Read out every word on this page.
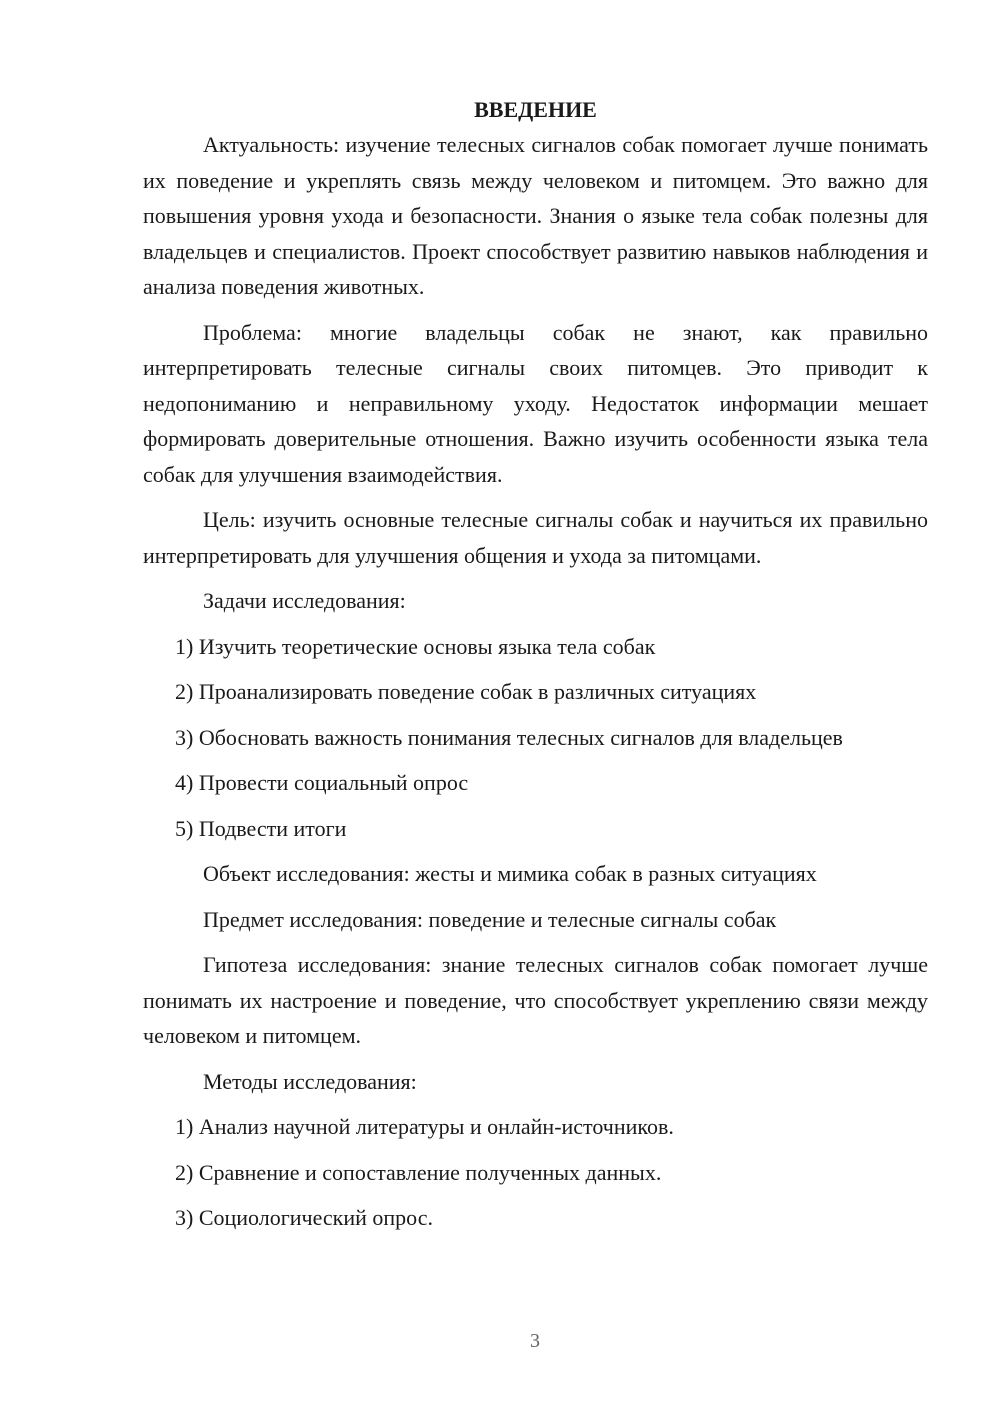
ВВЕДЕНИЕ

Актуальность: изучение телесных сигналов собак помогает лучше понимать их поведение и укреплять связь между человеком и питомцем. Это важно для повышения уровня ухода и безопасности. Знания о языке тела собак полезны для владельцев и специалистов. Проект способствует развитию навыков наблюдения и анализа поведения животных.

Проблема: многие владельцы собак не знают, как правильно интерпретировать телесные сигналы своих питомцев. Это приводит к недопониманию и неправильному уходу. Недостаток информации мешает формировать доверительные отношения. Важно изучить особенности языка тела собак для улучшения взаимодействия.

Цель: изучить основные телесные сигналы собак и научиться их правильно интерпретировать для улучшения общения и ухода за питомцами.

Задачи исследования:

1) Изучить теоретические основы языка тела собак

2) Проанализировать поведение собак в различных ситуациях

3) Обосновать важность понимания телесных сигналов для владельцев

4) Провести социальный опрос

5) Подвести итоги

Объект исследования: жесты и мимика собак в разных ситуациях

Предмет исследования: поведение и телесные сигналы собак

Гипотеза исследования: знание телесных сигналов собак помогает лучше понимать их настроение и поведение, что способствует укреплению связи между человеком и питомцем.

Методы исследования:

1) Анализ научной литературы и онлайн-источников.

2) Сравнение и сопоставление полученных данных.

3) Социологический опрос.

3
